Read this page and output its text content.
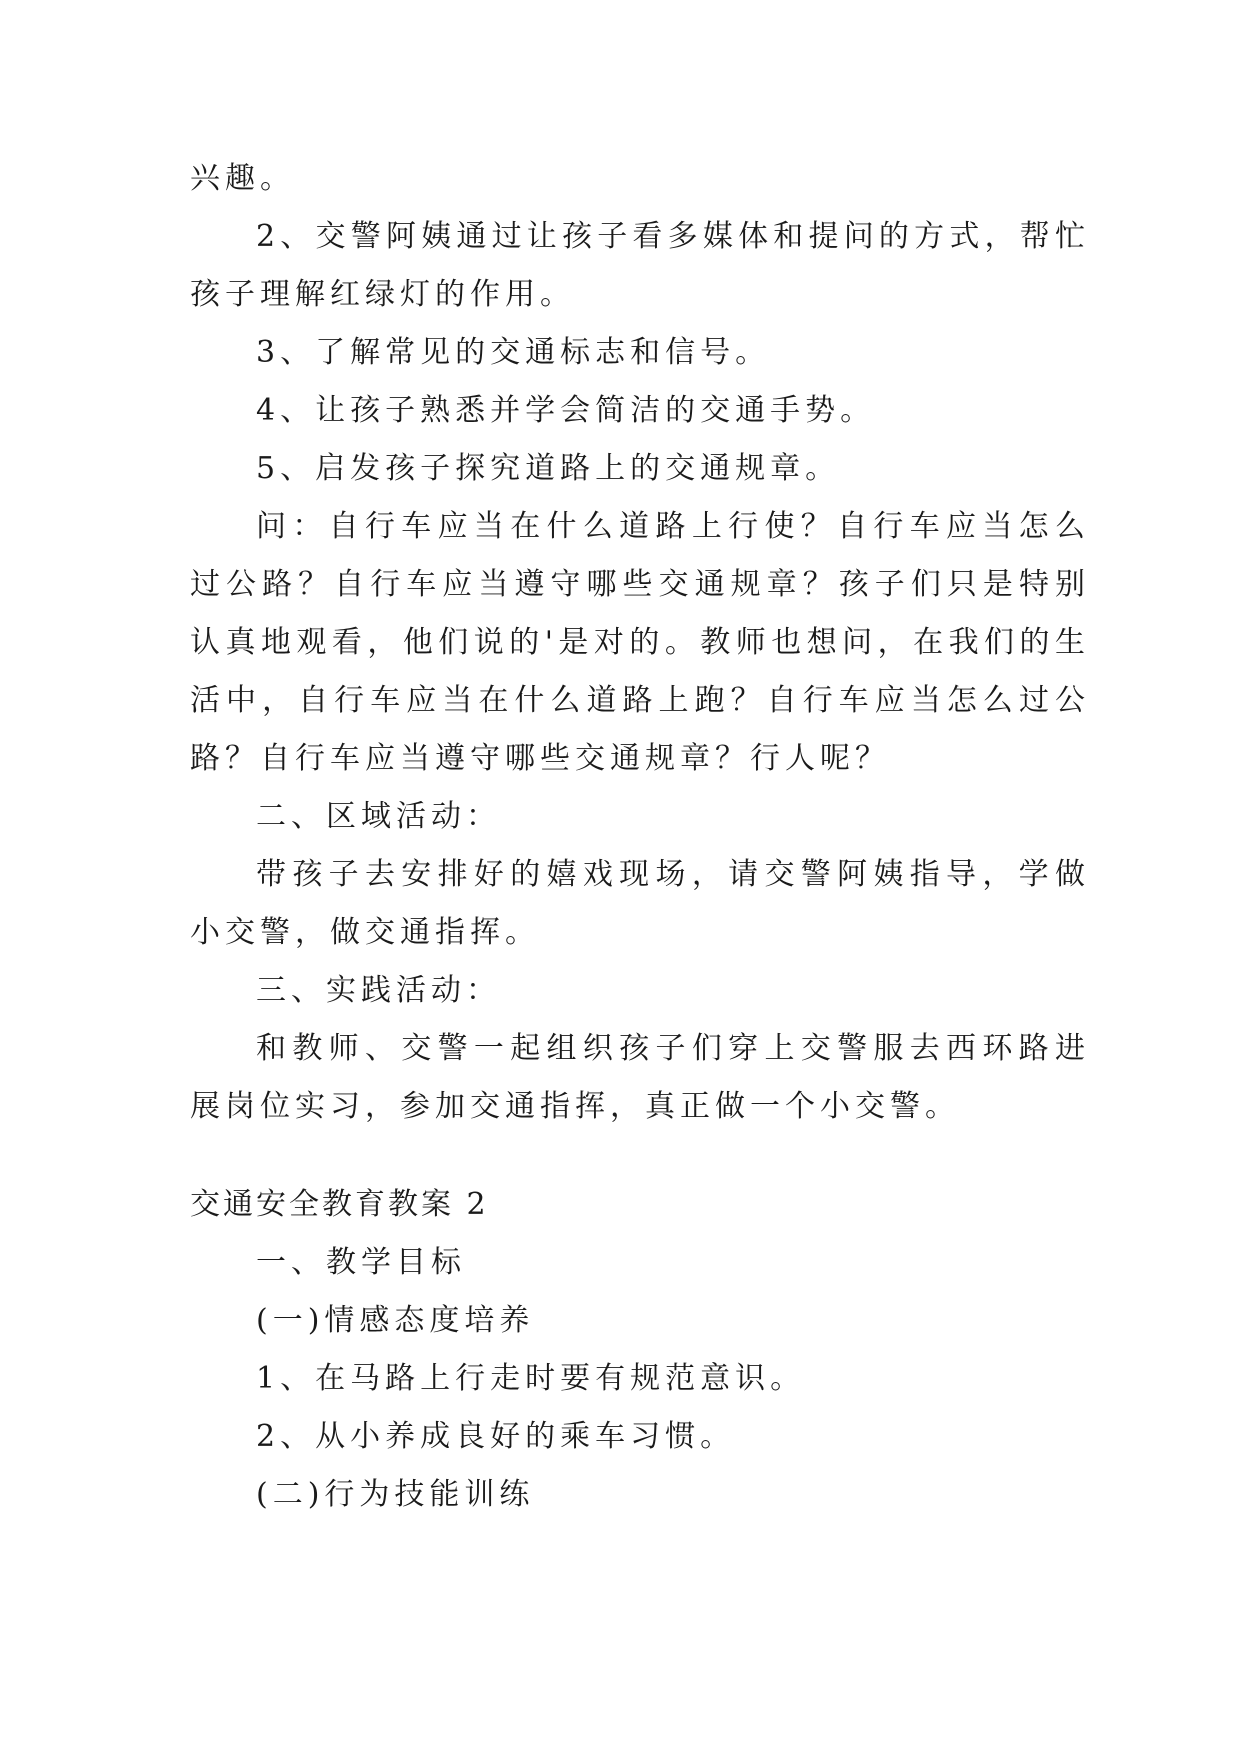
兴趣。

2、交警阿姨通过让孩子看多媒体和提问的方式，帮忙孩子理解红绿灯的作用。

3、了解常见的交通标志和信号。

4、让孩子熟悉并学会简洁的交通手势。

5、启发孩子探究道路上的交通规章。

问：自行车应当在什么道路上行使？自行车应当怎么过公路？自行车应当遵守哪些交通规章？孩子们只是特别认真地观看，他们说的'是对的。教师也想问，在我们的生活中，自行车应当在什么道路上跑？自行车应当怎么过公路？自行车应当遵守哪些交通规章？行人呢？

二、区域活动：

带孩子去安排好的嬉戏现场，请交警阿姨指导，学做小交警，做交通指挥。

三、实践活动：

和教师、交警一起组织孩子们穿上交警服去西环路进展岗位实习，参加交通指挥，真正做一个小交警。

交通安全教育教案 2

一、教学目标

(一)情感态度培养

1、在马路上行走时要有规范意识。

2、从小养成良好的乘车习惯。

(二)行为技能训练
